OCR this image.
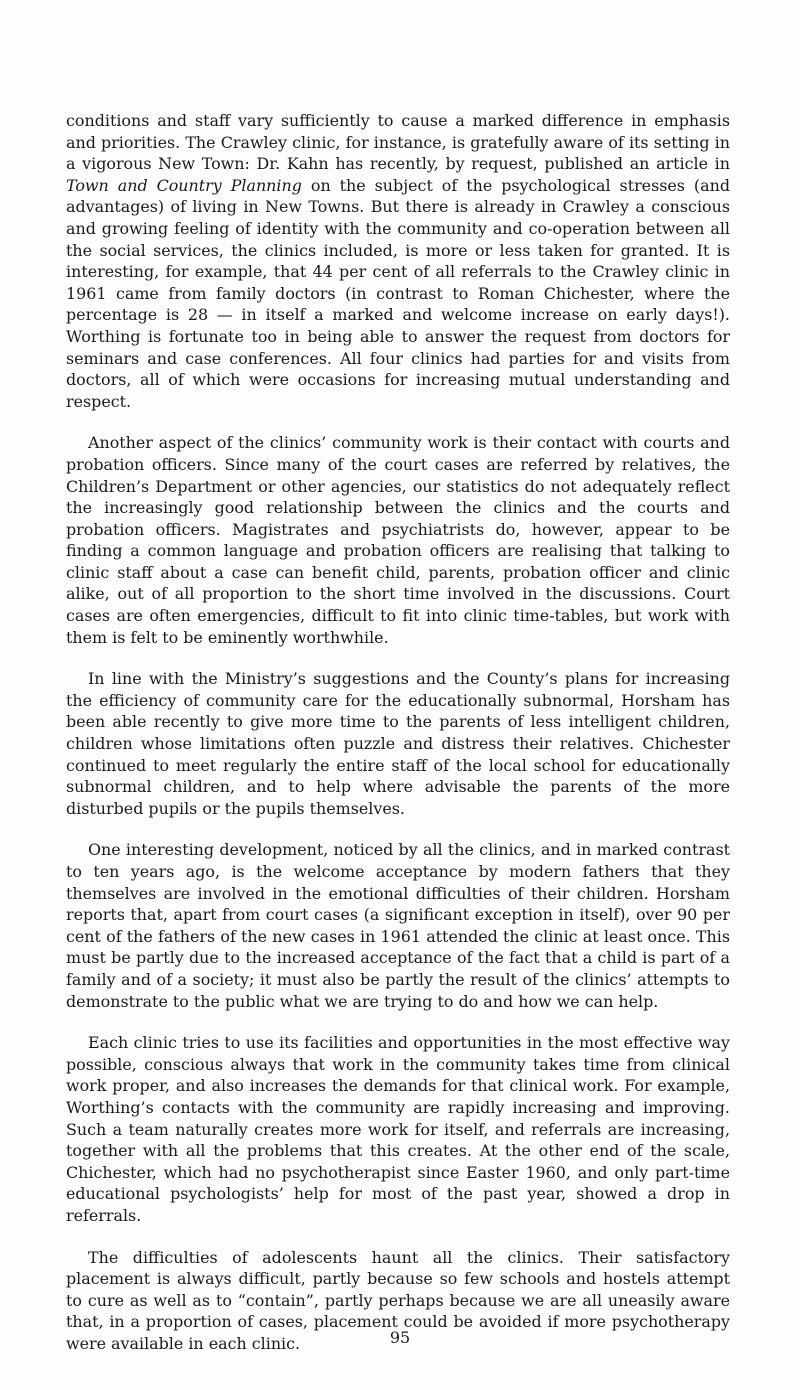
conditions and staff vary sufficiently to cause a marked difference in emphasis and priorities. The Crawley clinic, for instance, is gratefully aware of its setting in a vigorous New Town: Dr. Kahn has recently, by request, published an article in Town and Country Planning on the subject of the psychological stresses (and advantages) of living in New Towns. But there is already in Crawley a conscious and growing feeling of identity with the community and co-operation between all the social services, the clinics included, is more or less taken for granted. It is interesting, for example, that 44 per cent of all referrals to the Crawley clinic in 1961 came from family doctors (in contrast to Roman Chichester, where the percentage is 28 — in itself a marked and welcome increase on early days!). Worthing is fortunate too in being able to answer the request from doctors for seminars and case conferences. All four clinics had parties for and visits from doctors, all of which were occasions for increasing mutual understanding and respect.

Another aspect of the clinics’ community work is their contact with courts and probation officers. Since many of the court cases are referred by relatives, the Children’s Department or other agencies, our statistics do not adequately reflect the increasingly good relationship between the clinics and the courts and probation officers. Magistrates and psychiatrists do, however, appear to be finding a common language and probation officers are realising that talking to clinic staff about a case can benefit child, parents, probation officer and clinic alike, out of all proportion to the short time involved in the discussions. Court cases are often emergencies, difficult to fit into clinic time-tables, but work with them is felt to be eminently worthwhile.

In line with the Ministry’s suggestions and the County’s plans for increasing the efficiency of community care for the educationally subnormal, Horsham has been able recently to give more time to the parents of less intelligent children, children whose limitations often puzzle and distress their relatives. Chichester continued to meet regularly the entire staff of the local school for educationally subnormal children, and to help where advisable the parents of the more disturbed pupils or the pupils themselves.

One interesting development, noticed by all the clinics, and in marked contrast to ten years ago, is the welcome acceptance by modern fathers that they themselves are involved in the emotional difficulties of their children. Horsham reports that, apart from court cases (a significant exception in itself), over 90 per cent of the fathers of the new cases in 1961 attended the clinic at least once. This must be partly due to the increased acceptance of the fact that a child is part of a family and of a society; it must also be partly the result of the clinics’ attempts to demonstrate to the public what we are trying to do and how we can help.

Each clinic tries to use its facilities and opportunities in the most effective way possible, conscious always that work in the community takes time from clinical work proper, and also increases the demands for that clinical work. For example, Worthing’s contacts with the community are rapidly increasing and improving. Such a team naturally creates more work for itself, and referrals are increasing, together with all the problems that this creates. At the other end of the scale, Chichester, which had no psychotherapist since Easter 1960, and only part-time educational psychologists’ help for most of the past year, showed a drop in referrals.

The difficulties of adolescents haunt all the clinics. Their satisfactory placement is always difficult, partly because so few schools and hostels attempt to cure as well as to “contain”, partly perhaps because we are all uneasily aware that, in a proportion of cases, placement could be avoided if more psychotherapy were available in each clinic.	95
